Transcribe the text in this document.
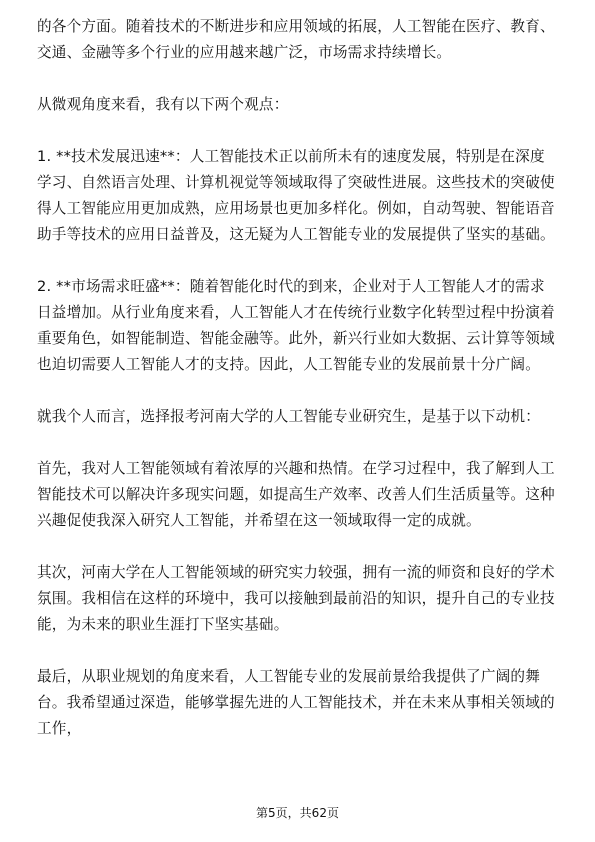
的各个方面。随着技术的不断进步和应用领域的拓展，人工智能在医疗、教育、交通、金融等多个行业的应用越来越广泛，市场需求持续增长。

从微观角度来看，我有以下两个观点：

1. **技术发展迅速**：人工智能技术正以前所未有的速度发展，特别是在深度学习、自然语言处理、计算机视觉等领域取得了突破性进展。这些技术的突破使得人工智能应用更加成熟，应用场景也更加多样化。例如，自动驾驶、智能语音助手等技术的应用日益普及，这无疑为人工智能专业的发展提供了坚实的基础。

2. **市场需求旺盛**：随着智能化时代的到来，企业对于人工智能人才的需求日益增加。从行业角度来看，人工智能人才在传统行业数字化转型过程中扮演着重要角色，如智能制造、智能金融等。此外，新兴行业如大数据、云计算等领域也迫切需要人工智能人才的支持。因此，人工智能专业的发展前景十分广阔。

就我个人而言，选择报考河南大学的人工智能专业研究生，是基于以下动机：

首先，我对人工智能领域有着浓厚的兴趣和热情。在学习过程中，我了解到人工智能技术可以解决许多现实问题，如提高生产效率、改善人们生活质量等。这种兴趣促使我深入研究人工智能，并希望在这一领域取得一定的成就。

其次，河南大学在人工智能领域的研究实力较强，拥有一流的师资和良好的学术氛围。我相信在这样的环境中，我可以接触到最前沿的知识，提升自己的专业技能，为未来的职业生涯打下坚实基础。

最后，从职业规划的角度来看，人工智能专业的发展前景给我提供了广阔的舞台。我希望通过深造，能够掌握先进的人工智能技术，并在未来从事相关领域的工作，

第5页，共62页
